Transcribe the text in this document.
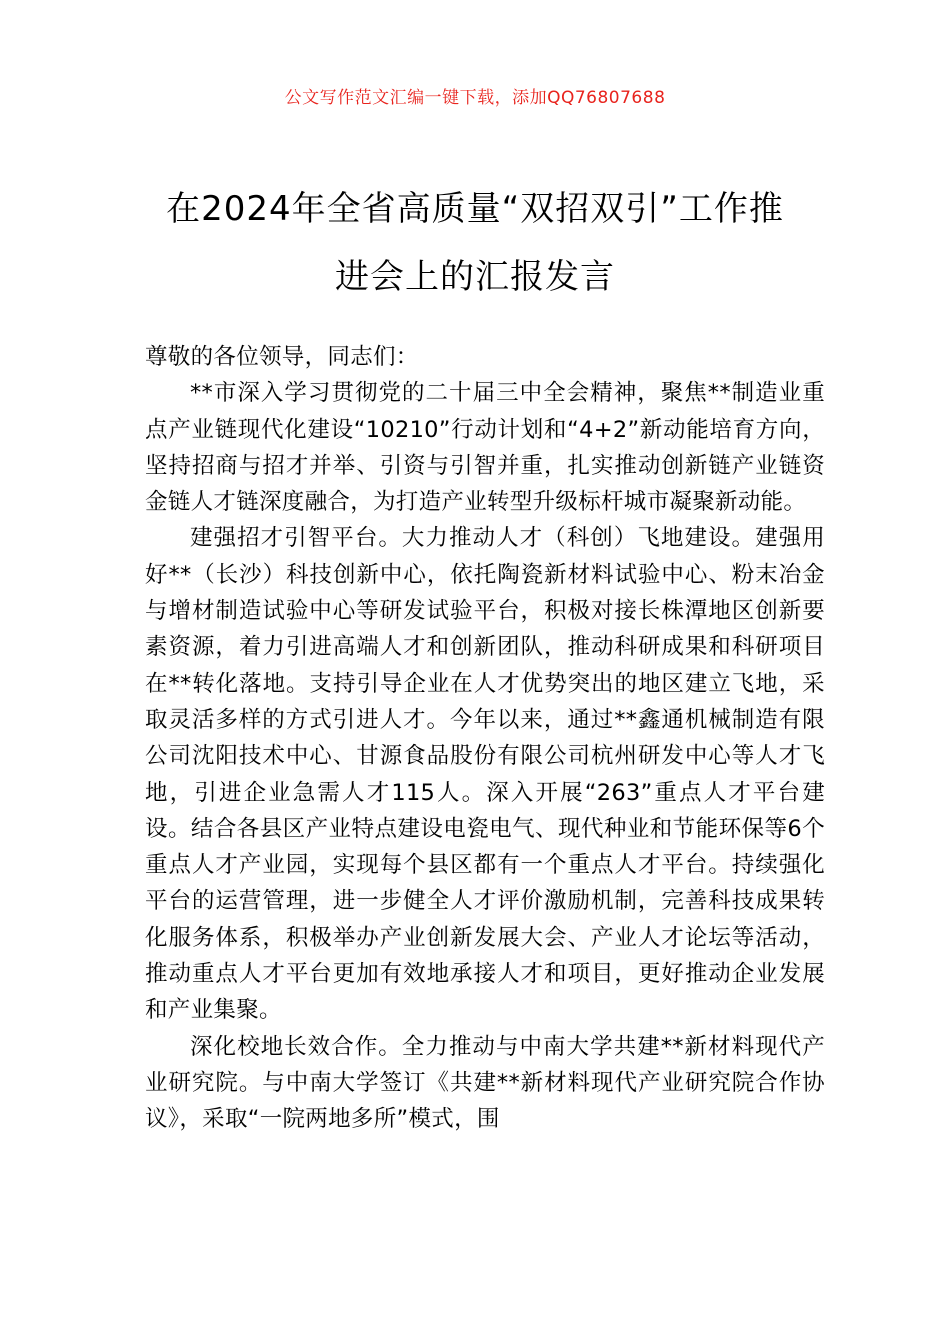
公文写作范文汇编一键下载，添加QQ76807688
在2024年全省高质量“双招双引”工作推
进会上的汇报发言

尊敬的各位领导，同志们：

**市深入学习贯彻党的二十届三中全会精神，聚焦**制造业重点产业链现代化建设“10210”行动计划和“4+2”新动能培育方向，坚持招商与招才并举、引资与引智并重，扎实推动创新链产业链资金链人才链深度融合，为打造产业转型升级标杆城市凝聚新动能。

建强招才引智平台。大力推动人才（科创）飞地建设。建强用好**（长沙）科技创新中心，依托陶瓷新材料试验中心、粉末冶金与增材制造试验中心等研发试验平台，积极对接长株潭地区创新要素资源，着力引进高端人才和创新团队，推动科研成果和科研项目在**转化落地。支持引导企业在人才优势突出的地区建立飞地，采取灵活多样的方式引进人才。今年以来，通过**鑫通机械制造有限公司沈阳技术中心、甘源食品股份有限公司杭州研发中心等人才飞地，引进企业急需人才115人。深入开展“263”重点人才平台建设。结合各县区产业特点建设电瓷电气、现代种业和节能环保等6个重点人才产业园，实现每个县区都有一个重点人才平台。持续强化平台的运营管理，进一步健全人才评价激励机制，完善科技成果转化服务体系，积极举办产业创新发展大会、产业人才论坛等活动，推动重点人才平台更加有效地承接人才和项目，更好推动企业发展和产业集聚。

深化校地长效合作。全力推动与中南大学共建**新材料现代产业研究院。与中南大学签订《共建**新材料现代产业研究院合作协议》，采取“一院两地多所”模式，围
